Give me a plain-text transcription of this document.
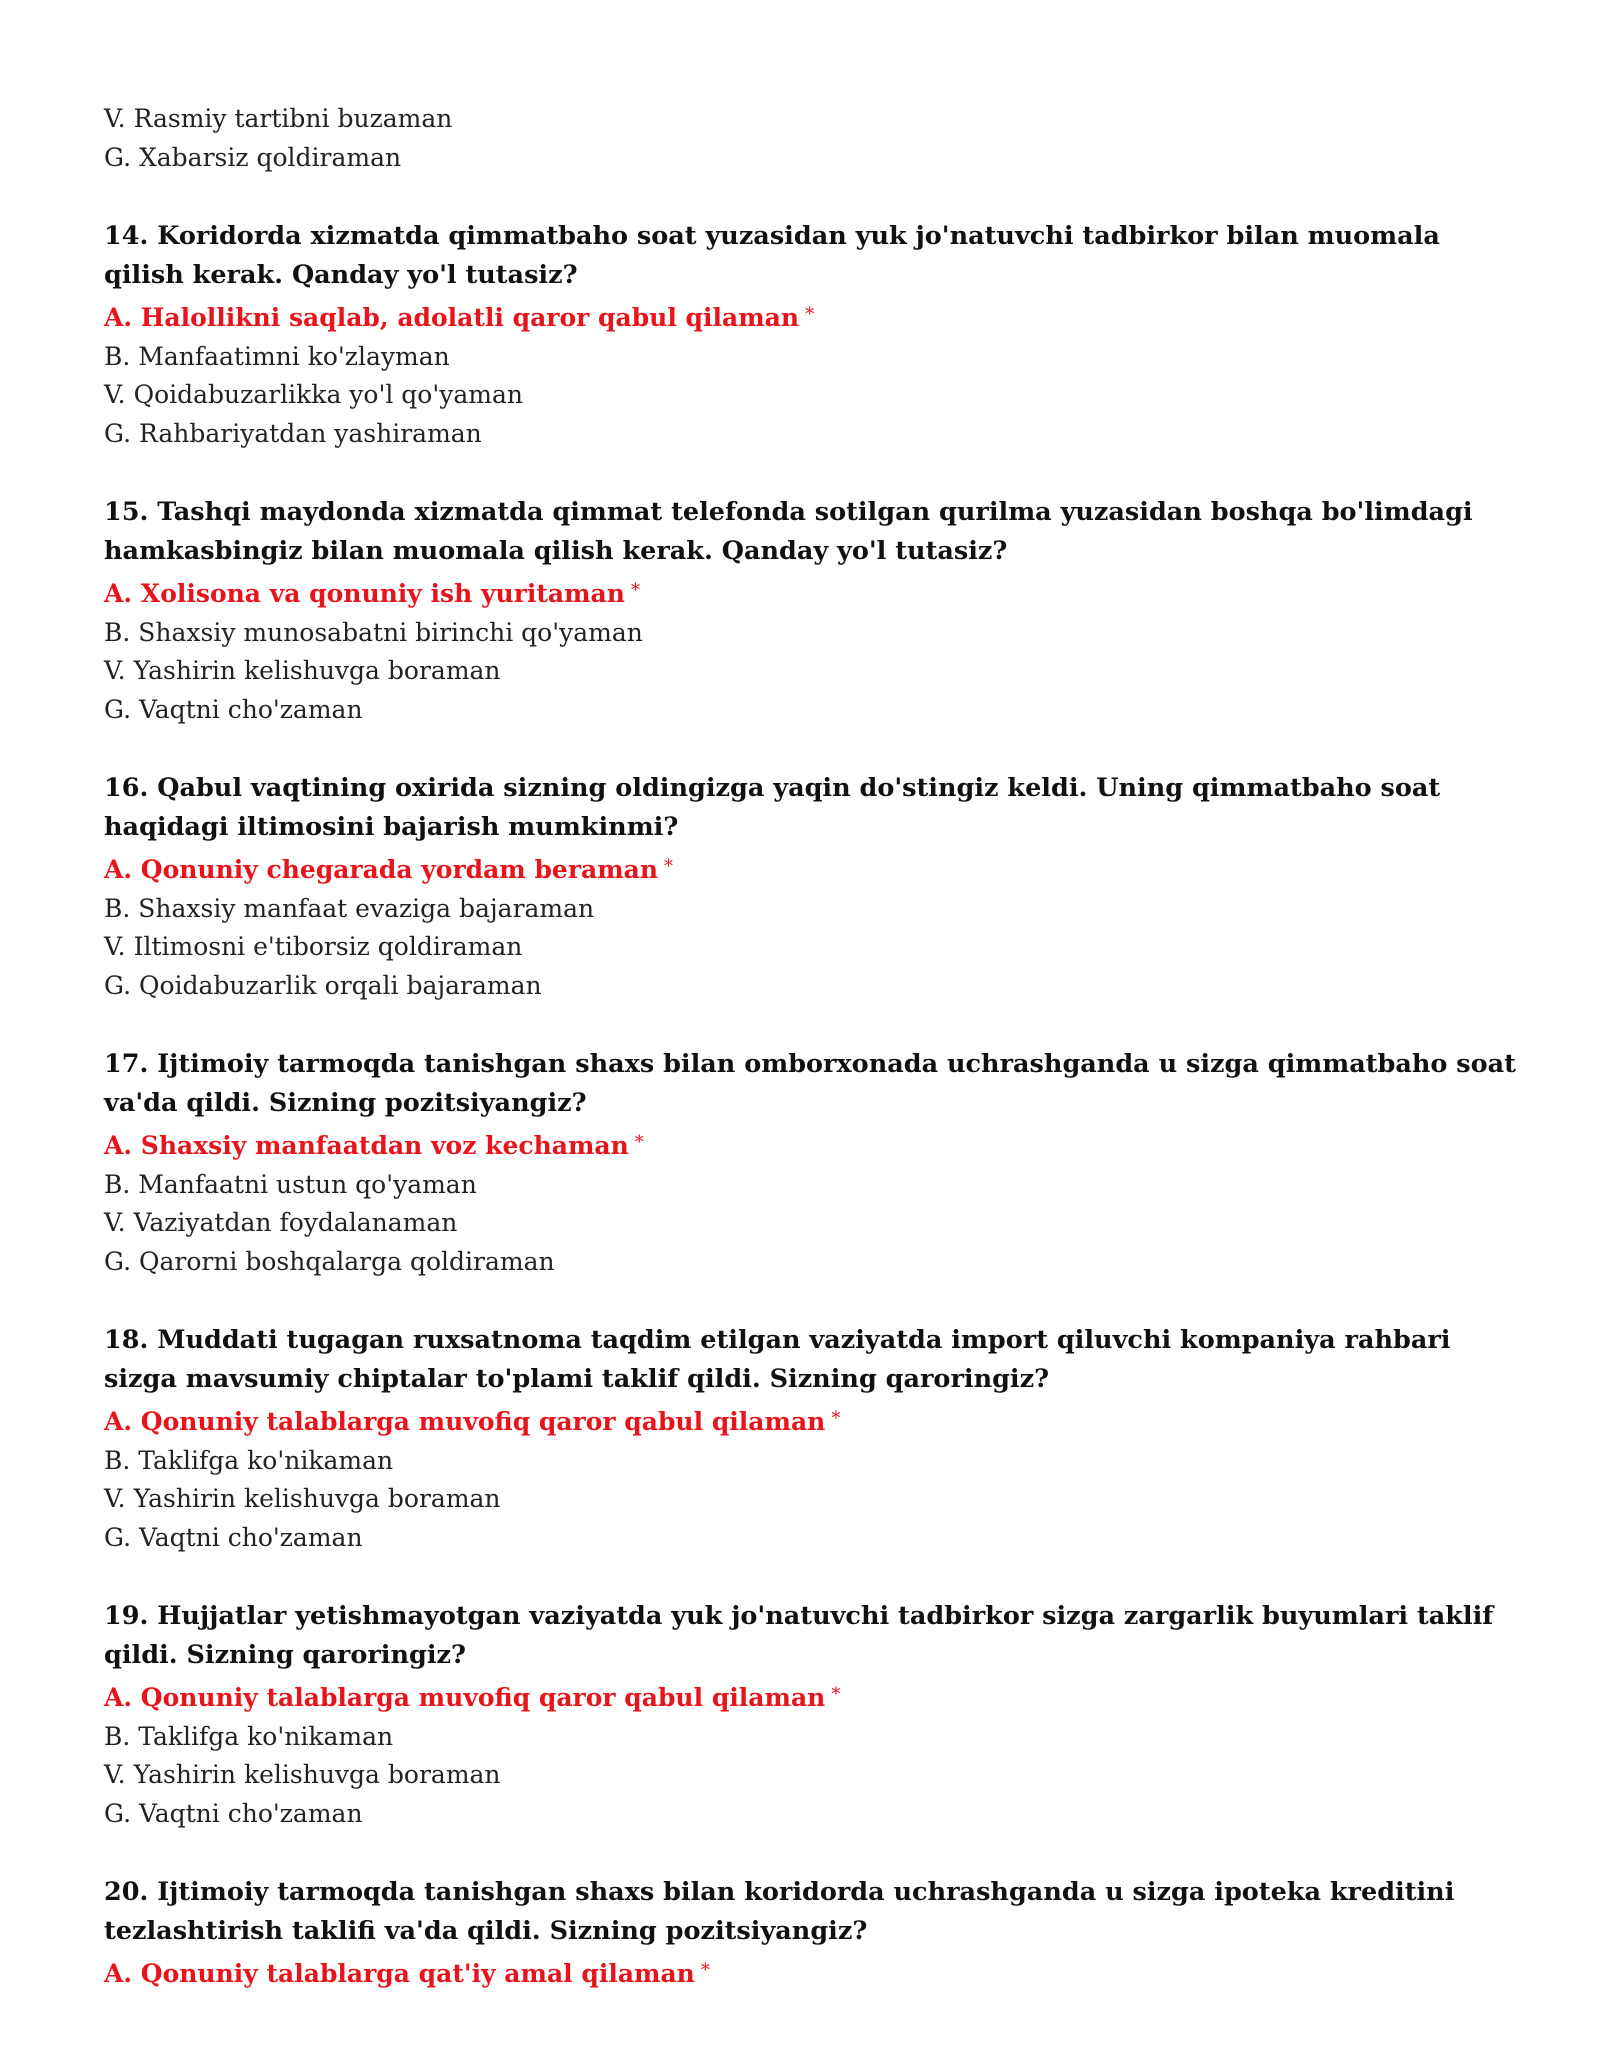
V. Rasmiy tartibni buzaman
G. Xabarsiz qoldiraman
14. Koridorda xizmatda qimmatbaho soat yuzasidan yuk jo'natuvchi tadbirkor bilan muomala qilish kerak. Qanday yo'l tutasiz?
A. Halollikni saqlab, adolatli qaror qabul qilaman *
B. Manfaatimni ko'zlayman
V. Qoidabuzarlikka yo'l qo'yaman
G. Rahbariyatdan yashiraman
15. Tashqi maydonda xizmatda qimmat telefonda sotilgan qurilma yuzasidan boshqa bo'limdagi hamkasbingiz bilan muomala qilish kerak. Qanday yo'l tutasiz?
A. Xolisona va qonuniy ish yuritaman *
B. Shaxsiy munosabatni birinchi qo'yaman
V. Yashirin kelishuvga boraman
G. Vaqtni cho'zaman
16. Qabul vaqtining oxirida sizning oldingizga yaqin do'stingiz keldi. Uning qimmatbaho soat haqidagi iltimosini bajarish mumkinmi?
A. Qonuniy chegarada yordam beraman *
B. Shaxsiy manfaat evaziga bajaraman
V. Iltimosni e'tiborsiz qoldiraman
G. Qoidabuzarlik orqali bajaraman
17. Ijtimoiy tarmoqda tanishgan shaxs bilan omborxonada uchrashganda u sizga qimmatbaho soat va'da qildi. Sizning pozitsiyangiz?
A. Shaxsiy manfaatdan voz kechaman *
B. Manfaatni ustun qo'yaman
V. Vaziyatdan foydalanaman
G. Qarorni boshqalarga qoldiraman
18. Muddati tugagan ruxsatnoma taqdim etilgan vaziyatda import qiluvchi kompaniya rahbari sizga mavsumiy chiptalar to'plami taklif qildi. Sizning qaroringiz?
A. Qonuniy talablarga muvofiq qaror qabul qilaman *
B. Taklifga ko'nikaman
V. Yashirin kelishuvga boraman
G. Vaqtni cho'zaman
19. Hujjatlar yetishmayotgan vaziyatda yuk jo'natuvchi tadbirkor sizga zargarlik buyumlari taklif qildi. Sizning qaroringiz?
A. Qonuniy talablarga muvofiq qaror qabul qilaman *
B. Taklifga ko'nikaman
V. Yashirin kelishuvga boraman
G. Vaqtni cho'zaman
20. Ijtimoiy tarmoqda tanishgan shaxs bilan koridorda uchrashganda u sizga ipoteka kreditini tezlashtirish taklifi va'da qildi. Sizning pozitsiyangiz?
A. Qonuniy talablarga qat'iy amal qilaman *
